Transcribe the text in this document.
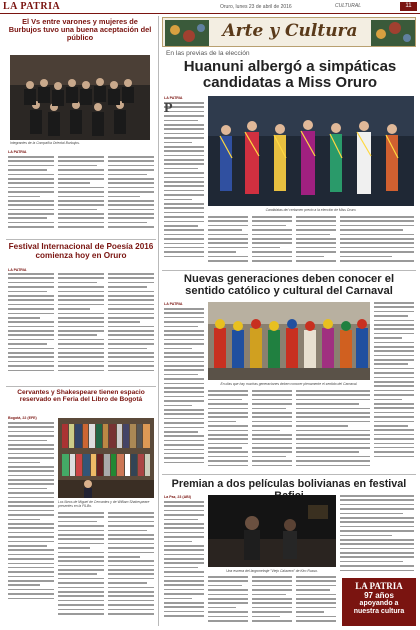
LA PATRIA	Oruro, lunes 23 de abril de 2016	CULTURAL	11
El Vs entre varones y mujeres de Burbujos tuvo una buena aceptación del público
Integrantes de la Compañía Oriental Burbujos.
LA PATRIA
Festival Internacional de Poesía 2016 comienza hoy en Oruro
LA PATRIA
Cervantes y Shakespeare tienen espacio reservado en Feria del Libro de Bogotá
Bogotá, 22 (EFE)
Los libros de Miguel de Cervantes y de William Shakespeare presentes en la FILBo.
Arte y Cultura
En las previas de la elección
Huanuni albergó a simpáticas candidatas a Miss Oruro
LA PATRIA
P
Candidatas del certamen previo a la elección de Miss Oruro.
Nuevas generaciones deben conocer el sentido católico y cultural del Carnaval
LA PATRIA
En días que hay muchas generaciones deben conocer plenamente el sentido del Carnaval.
Premian a dos películas bolivianas en festival
La Paz, 23 (ABI)
Una escena del largometraje "Viejo Calavera" de Kiro Russo.
LA PATRIA
97 años
apoyando a
nuestra cultura
